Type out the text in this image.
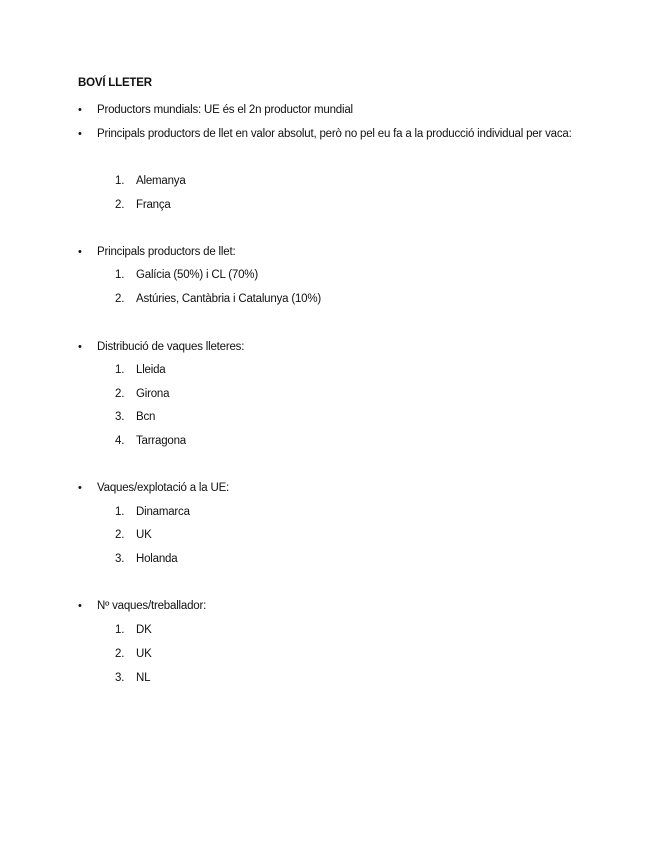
BOVÍ LLETER
•	Productors mundials: UE és el 2n productor mundial
•	Principals productors de llet en valor absolut, però no pel eu fa a la producció individual per vaca:
1. Alemanya
2. França
•	Principals productors de llet:
1. Galícia (50%) i CL (70%)
2. Astúries, Cantàbria i Catalunya (10%)
•	Distribució de vaques lleteres:
1. Lleida
2. Girona
3. Bcn
4. Tarragona
•	Vaques/explotació a la UE:
1. Dinamarca
2. UK
3. Holanda
•	Nº vaques/treballador:
1. DK
2. UK
3. NL
